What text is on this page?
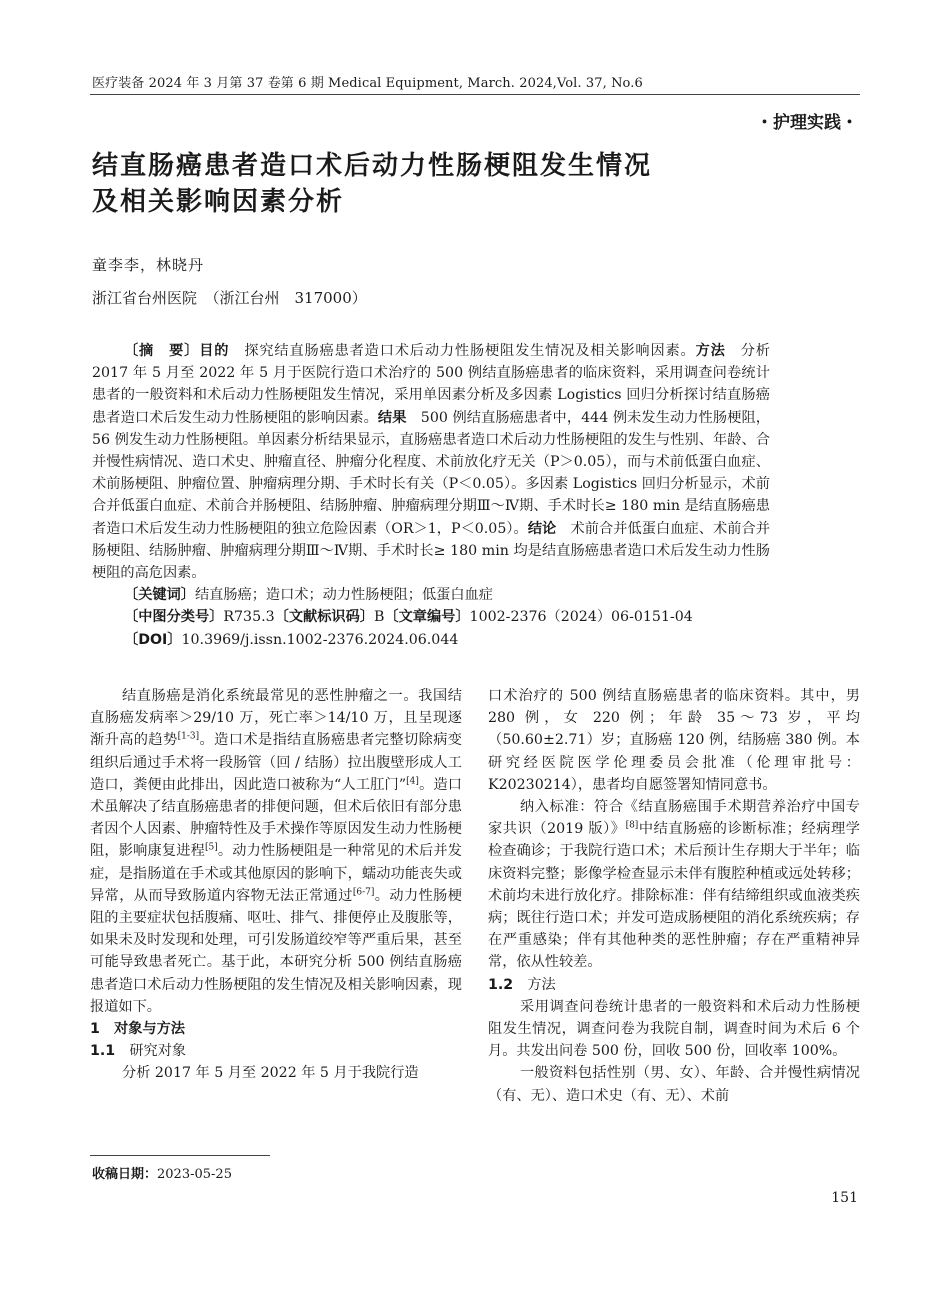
医疗装备 2024 年 3 月第 37 卷第 6 期 Medical Equipment, March. 2024,Vol. 37, No.6
・护理实践・
结直肠癌患者造口术后动力性肠梗阻发生情况
及相关影响因素分析
童李李，林晓丹
浙江省台州医院　（浙江台州　317000）

〔摘　要〕目的　探究结直肠癌患者造口术后动力性肠梗阻发生情况及相关影响因素。方法　分析 2017 年 5 月至 2022 年 5 月于医院行造口术治疗的 500 例结直肠癌患者的临床资料，采用调查问卷统计患者的一般资料和术后动力性肠梗阻发生情况，采用单因素分析及多因素 Logistics 回归分析探讨结直肠癌患者造口术后发生动力性肠梗阻的影响因素。结果　500 例结直肠癌患者中，444 例未发生动力性肠梗阻，56 例发生动力性肠梗阻。单因素分析结果显示，直肠癌患者造口术后动力性肠梗阻的发生与性别、年龄、合并慢性病情况、造口术史、肿瘤直径、肿瘤分化程度、术前放化疗无关（P＞0.05），而与术前低蛋白血症、术前肠梗阻、肿瘤位置、肿瘤病理分期、手术时长有关（P＜0.05）。多因素 Logistics 回归分析显示，术前合并低蛋白血症、术前合并肠梗阻、结肠肿瘤、肿瘤病理分期Ⅲ～Ⅳ期、手术时长≥ 180 min 是结直肠癌患者造口术后发生动力性肠梗阻的独立危险因素（OR＞1，P＜0.05）。结论　术前合并低蛋白血症、术前合并肠梗阻、结肠肿瘤、肿瘤病理分期Ⅲ～Ⅳ期、手术时长≥ 180 min 均是结直肠癌患者造口术后发生动力性肠梗阻的高危因素。

〔关键词〕结直肠癌；造口术；动力性肠梗阻；低蛋白血症

〔中图分类号〕R735.3〔文献标识码〕B〔文章编号〕1002-2376（2024）06-0151-04

〔DOI〕10.3969/j.issn.1002-2376.2024.06.044

结直肠癌是消化系统最常见的恶性肿瘤之一。我国结直肠癌发病率＞29/10 万，死亡率＞14/10 万，且呈现逐渐升高的趋势[1-3]。造口术是指结直肠癌患者完整切除病变组织后通过手术将一段肠管（回 / 结肠）拉出腹壁形成人工造口，粪便由此排出，因此造口被称为“人工肛门”[4]。造口术虽解决了结直肠癌患者的排便问题，但术后依旧有部分患者因个人因素、肿瘤特性及手术操作等原因发生动力性肠梗阻，影响康复进程[5]。动力性肠梗阻是一种常见的术后并发症，是指肠道在手术或其他原因的影响下，蠕动功能丧失或异常，从而导致肠道内容物无法正常通过[6-7]。动力性肠梗阻的主要症状包括腹痛、呕吐、排气、排便停止及腹胀等，如果未及时发现和处理，可引发肠道绞窄等严重后果，甚至可能导致患者死亡。基于此，本研究分析 500 例结直肠癌患者造口术后动力性肠梗阻的发生情况及相关影响因素，现报道如下。

1　对象与方法

1.1　研究对象

分析 2017 年 5 月至 2022 年 5 月于我院行造

口术治疗的 500 例结直肠癌患者的临床资料。其中，男 280 例，女 220 例；年龄 35～73 岁，平均（50.60±2.71）岁；直肠癌 120 例，结肠癌 380 例。本研究经医院医学伦理委员会批准（伦理审批号：K20230214），患者均自愿签署知情同意书。

纳入标准：符合《结直肠癌围手术期营养治疗中国专家共识（2019 版）》[8]中结直肠癌的诊断标准；经病理学检查确诊；于我院行造口术；术后预计生存期大于半年；临床资料完整；影像学检查显示未伴有腹腔种植或远处转移；术前均未进行放化疗。排除标准：伴有结缔组织或血液类疾病；既往行造口术；并发可造成肠梗阻的消化系统疾病；存在严重感染；伴有其他种类的恶性肿瘤；存在严重精神异常，依从性较差。

1.2　方法

采用调查问卷统计患者的一般资料和术后动力性肠梗阻发生情况，调查问卷为我院自制，调查时间为术后 6 个月。共发出问卷 500 份，回收 500 份，回收率 100%。

一般资料包括性别（男、女）、年龄、合并慢性病情况（有、无）、造口术史（有、无）、术前

收稿日期：2023-05-25
151
